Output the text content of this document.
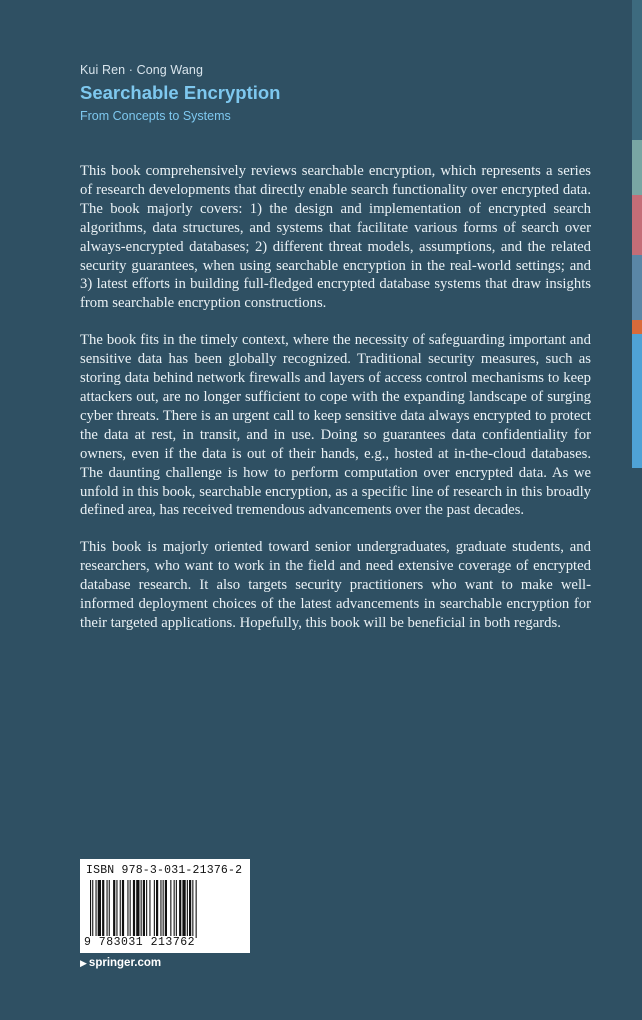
Kui Ren · Cong Wang
Searchable Encryption
From Concepts to Systems

This book comprehensively reviews searchable encryption, which represents a series of research developments that directly enable search functionality over encrypted data. The book majorly covers: 1) the design and implementation of encrypted search algorithms, data structures, and systems that facilitate various forms of search over always-encrypted databases; 2) different threat models, assumptions, and the related security guarantees, when using searchable encryption in the real-world settings; and 3) latest efforts in building full-fledged encrypted database systems that draw insights from searchable encryption constructions.

The book fits in the timely context, where the necessity of safeguarding important and sensitive data has been globally recognized. Traditional security measures, such as storing data behind network firewalls and layers of access control mechanisms to keep attackers out, are no longer sufficient to cope with the expanding landscape of surging cyber threats. There is an urgent call to keep sensitive data always encrypted to protect the data at rest, in transit, and in use. Doing so guarantees data confidentiality for owners, even if the data is out of their hands, e.g., hosted at in-the-cloud databases. The daunting challenge is how to perform computation over encrypted data. As we unfold in this book, searchable encryption, as a specific line of research in this broadly defined area, has received tremendous advancements over the past decades.

This book is majorly oriented toward senior undergraduates, graduate students, and researchers, who want to work in the field and need extensive coverage of encrypted database research. It also targets security practitioners who want to make well-informed deployment choices of the latest advancements in searchable encryption for their targeted applications. Hopefully, this book will be beneficial in both regards.

ISBN 978-3-031-21376-2
9 783031 213762
▶ springer.com
